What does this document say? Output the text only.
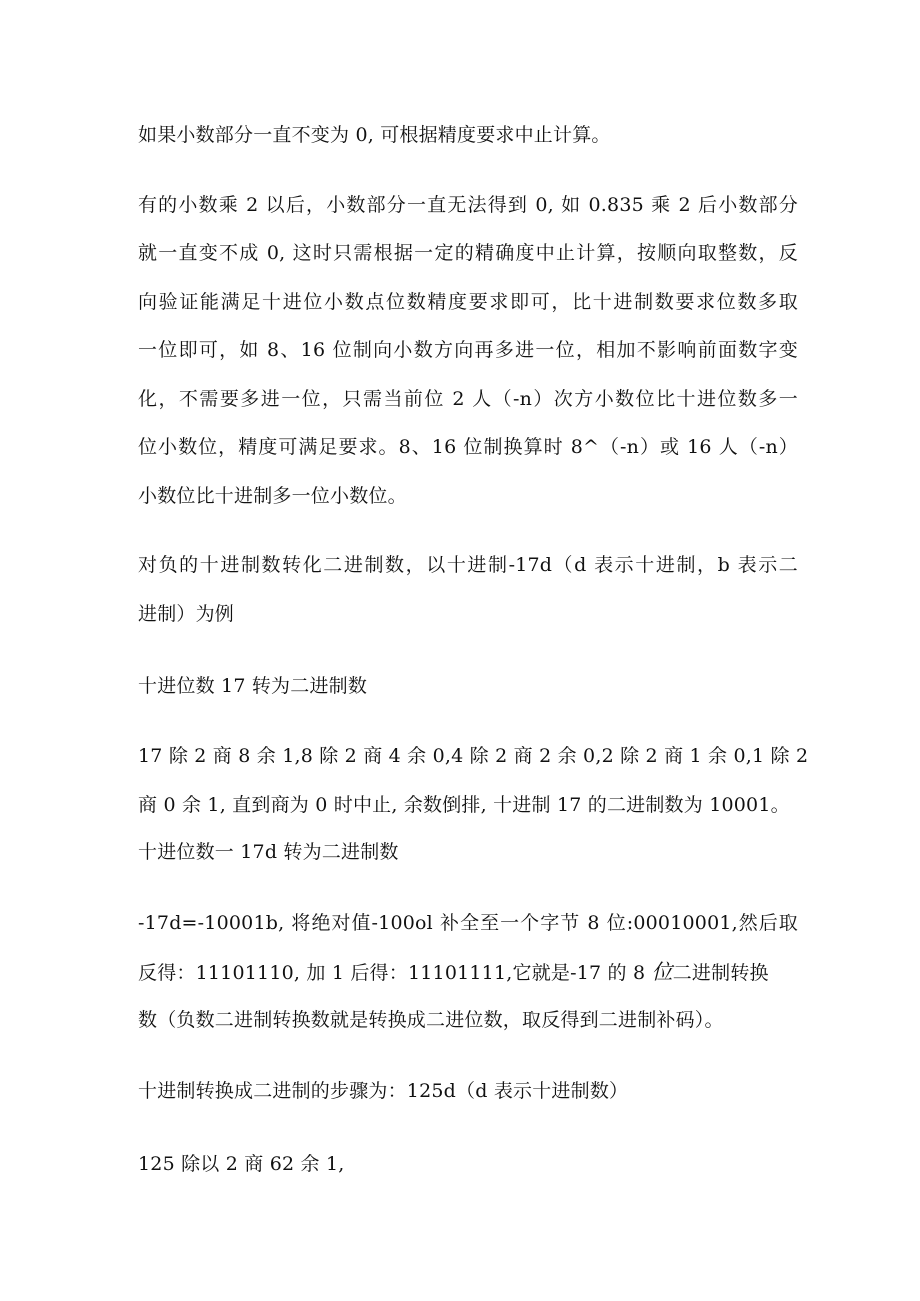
如果小数部分一直不变为 0, 可根据精度要求中止计算。
有的小数乘 2 以后，小数部分一直无法得到 0, 如 0.835 乘 2 后小数部分
就一直变不成 0, 这时只需根据一定的精确度中止计算，按顺向取整数，反
向验证能满足十进位小数点位数精度要求即可，比十进制数要求位数多取
一位即可，如 8、16 位制向小数方向再多进一位，相加不影响前面数字变
化，不需要多进一位，只需当前位 2 人（-n）次方小数位比十进位数多一
位小数位，精度可满足要求。8、16 位制换算时 8^（-n）或 16 人（-n）
小数位比十进制多一位小数位。
对负的十进制数转化二进制数，以十进制-17d（d 表示十进制，b 表示二
进制）为例
十进位数 17 转为二进制数
17 除 2 商 8 余 1,8 除 2 商 4 余 0,4 除 2 商 2 余 0,2 除 2 商 1 余 0,1 除 2
商 0 余 1, 直到商为 0 时中止, 余数倒排, 十进制 17 的二进制数为 10001。
十进位数一 17d 转为二进制数
-17d=-10001b, 将绝对值-100ol 补全至一个字节 8 位:00010001,然后取
反得：11101110, 加 1 后得：11101111,它就是-17 的 8 位二进制转换
数（负数二进制转换数就是转换成二进位数，取反得到二进制补码）。
十进制转换成二进制的步骤为：125d（d 表示十进制数）
125 除以 2 商 62 余 1,
